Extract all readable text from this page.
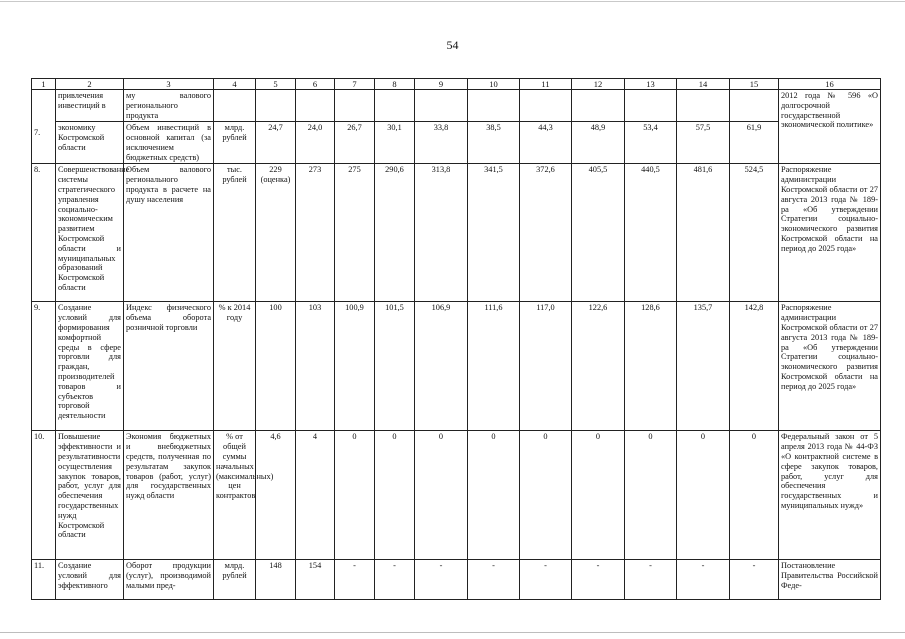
54
1	2	3	4	5	6	7	8	9	10	11	12	13	14	15	16
7.	привлечения инвестиций в	му валового регионального продукта													2012 года № 596 «О долгосрочной государственной экономической политике»
	экономику Костромской области	Объем инвестиций в основной капитал (за исключением бюджетных средств)	млрд. рублей	24,7	24,0	26,7	30,1	33,8	38,5	44,3	48,9	53,4	57,5	61,9	
8.	Совершенствование системы стратегического управления социально-экономическим развитием Костромской области и муниципальных образований Костромской области	Объем валового регионального продукта в расчете на душу населения	тыс. рублей	229 (оценка)	273	275	290,6	313,8	341,5	372,6	405,5	440,5	481,6	524,5	Распоряжение администрации Костромской области от 27 августа 2013 года № 189-ра «Об утверждении Стратегии социально-экономического развития Костромской области на период до 2025 года»
9.	Создание условий для формирования комфортной среды в сфере торговли для граждан, производителей товаров и субъектов торговой деятельности	Индекс физического объема оборота розничной торговли	% к 2014 году	100	103	100,9	101,5	106,9	111,6	117,0	122,6	128,6	135,7	142,8	Распоряжение администрации Костромской области от 27 августа 2013 года № 189-ра «Об утверждении Стратегии социально-экономического развития Костромской области на период до 2025 года»
10.	Повышение эффективности и результативности осуществления закупок товаров, работ, услуг для обеспечения государственных нужд Костромской области	Экономия бюджетных и внебюджетных средств, полученная по результатам закупок товаров (работ, услуг) для государственных нужд области	% от общей суммы начальных (максимальных) цен контрактов	4,6	4	0	0	0	0	0	0	0	0	0	Федеральный закон от 5 апреля 2013 года № 44-ФЗ «О контрактной системе в сфере закупок товаров, работ, услуг для обеспечения государственных и муниципальных нужд»
11.	Создание условий для эффективного	Оборот продукции (услуг), производимой малыми пред-	млрд. рублей	148	154	-	-	-	-	-	-	-	-	-	Постановление Правительства Российской Феде-
